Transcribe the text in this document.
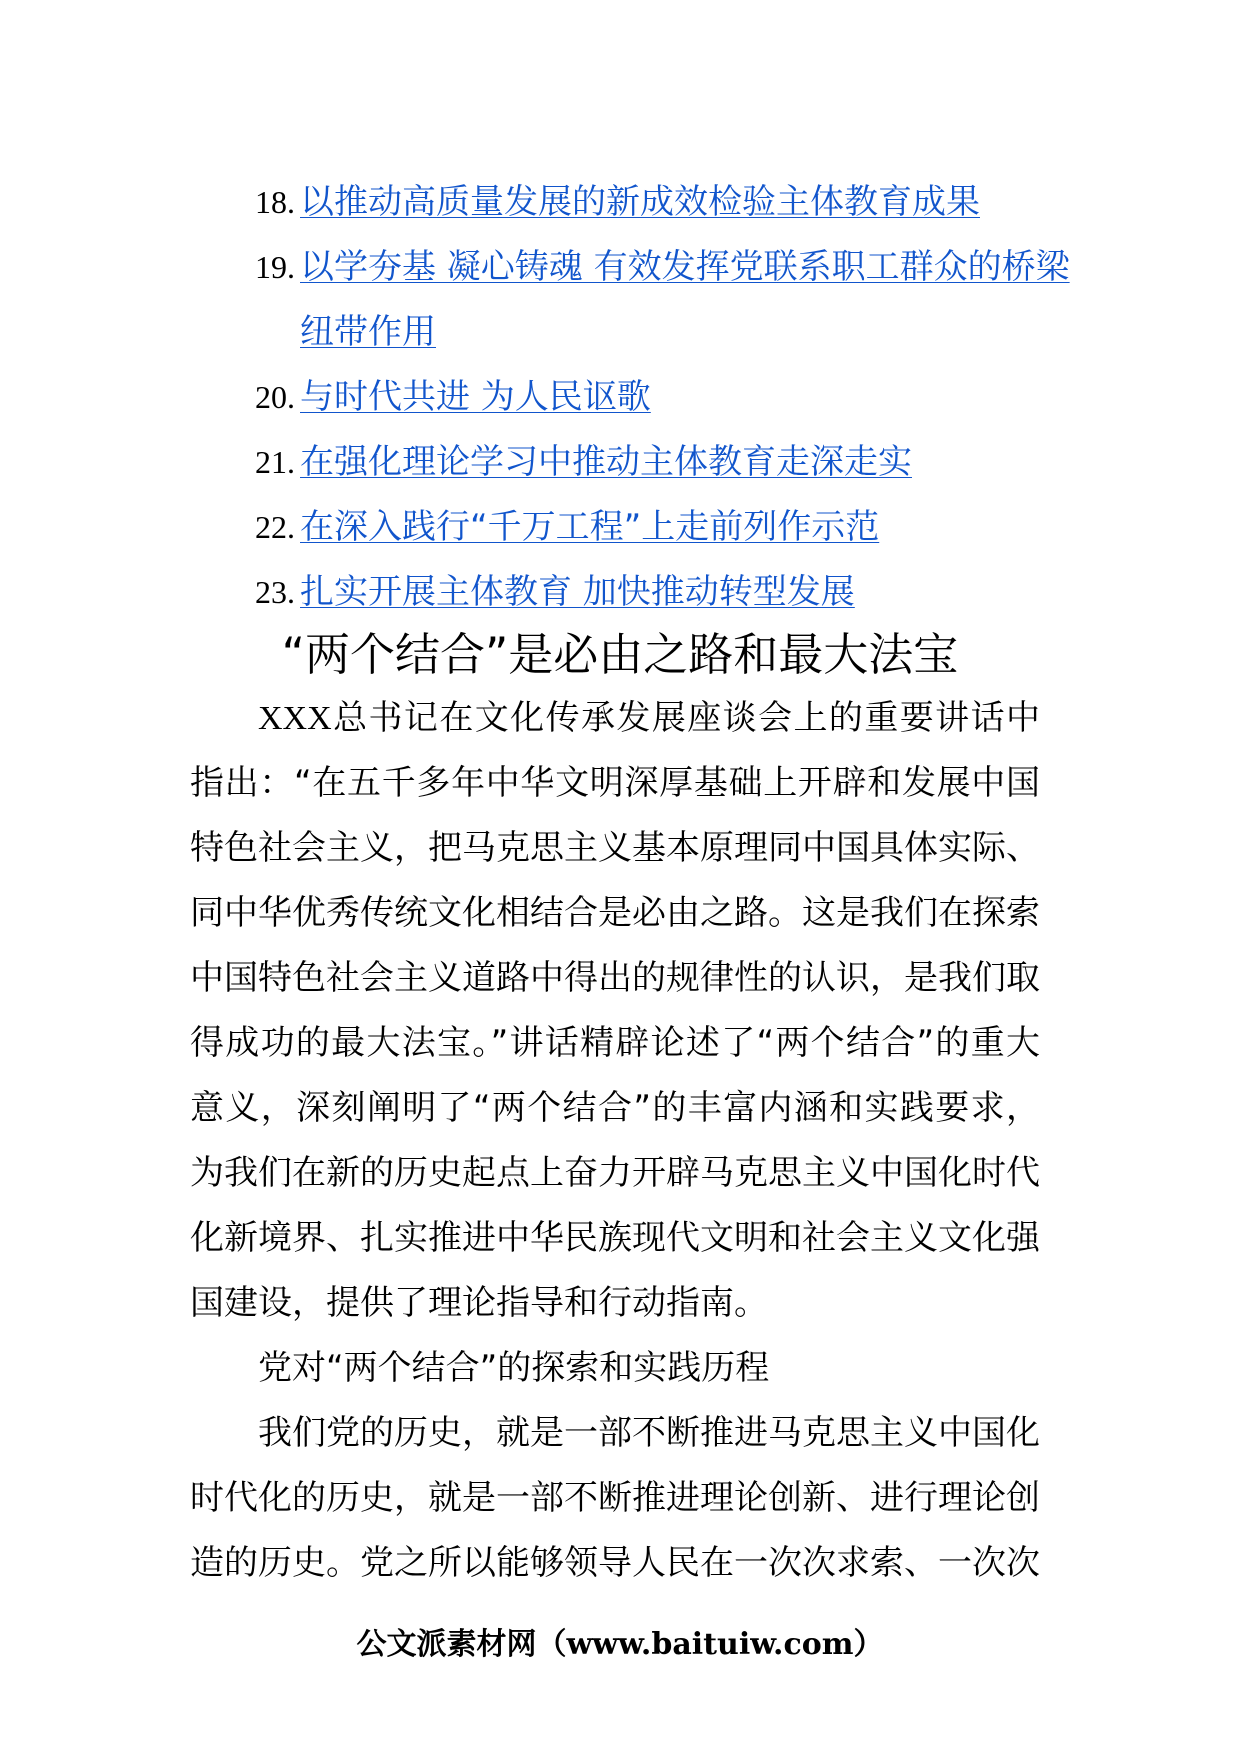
18. 以推动高质量发展的新成效检验主体教育成果
19. 以学夯基 凝心铸魂 有效发挥党联系职工群众的桥梁纽带作用
20. 与时代共进 为人民讴歌
21. 在强化理论学习中推动主体教育走深走实
22. 在深入践行“千万工程”上走前列作示范
23. 扎实开展主体教育 加快推动转型发展
“两个结合”是必由之路和最大法宝

XXX总书记在文化传承发展座谈会上的重要讲话中指出：“在五千多年中华文明深厚基础上开辟和发展中国特色社会主义，把马克思主义基本原理同中国具体实际、同中华优秀传统文化相结合是必由之路。这是我们在探索中国特色社会主义道路中得出的规律性的认识，是我们取得成功的最大法宝。”讲话精辟论述了“两个结合”的重大意义，深刻阐明了“两个结合”的丰富内涵和实践要求，为我们在新的历史起点上奋力开辟马克思主义中国化时代化新境界、扎实推进中华民族现代文明和社会主义文化强国建设，提供了理论指导和行动指南。

党对“两个结合”的探索和实践历程

我们党的历史，就是一部不断推进马克思主义中国化时代化的历史，就是一部不断推进理论创新、进行理论创造的历史。党之所以能够领导人民在一次次求索、一次次

公文派素材网（www.baituiw.com）
